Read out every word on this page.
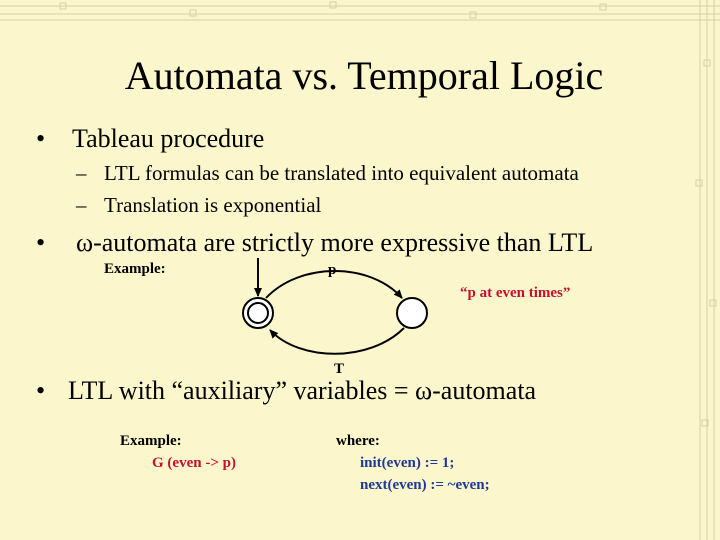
Automata vs. Temporal Logic
• Tableau procedure
– LTL formulas can be translated into equivalent automata
– Translation is exponential
• ω-automata are strictly more expressive than LTL
Example:	p
“p at even times”
T
• LTL with “auxiliary” variables = ω-automata
Example:
G (even -> p)
where:
init(even) := 1;
next(even) := ~even;
